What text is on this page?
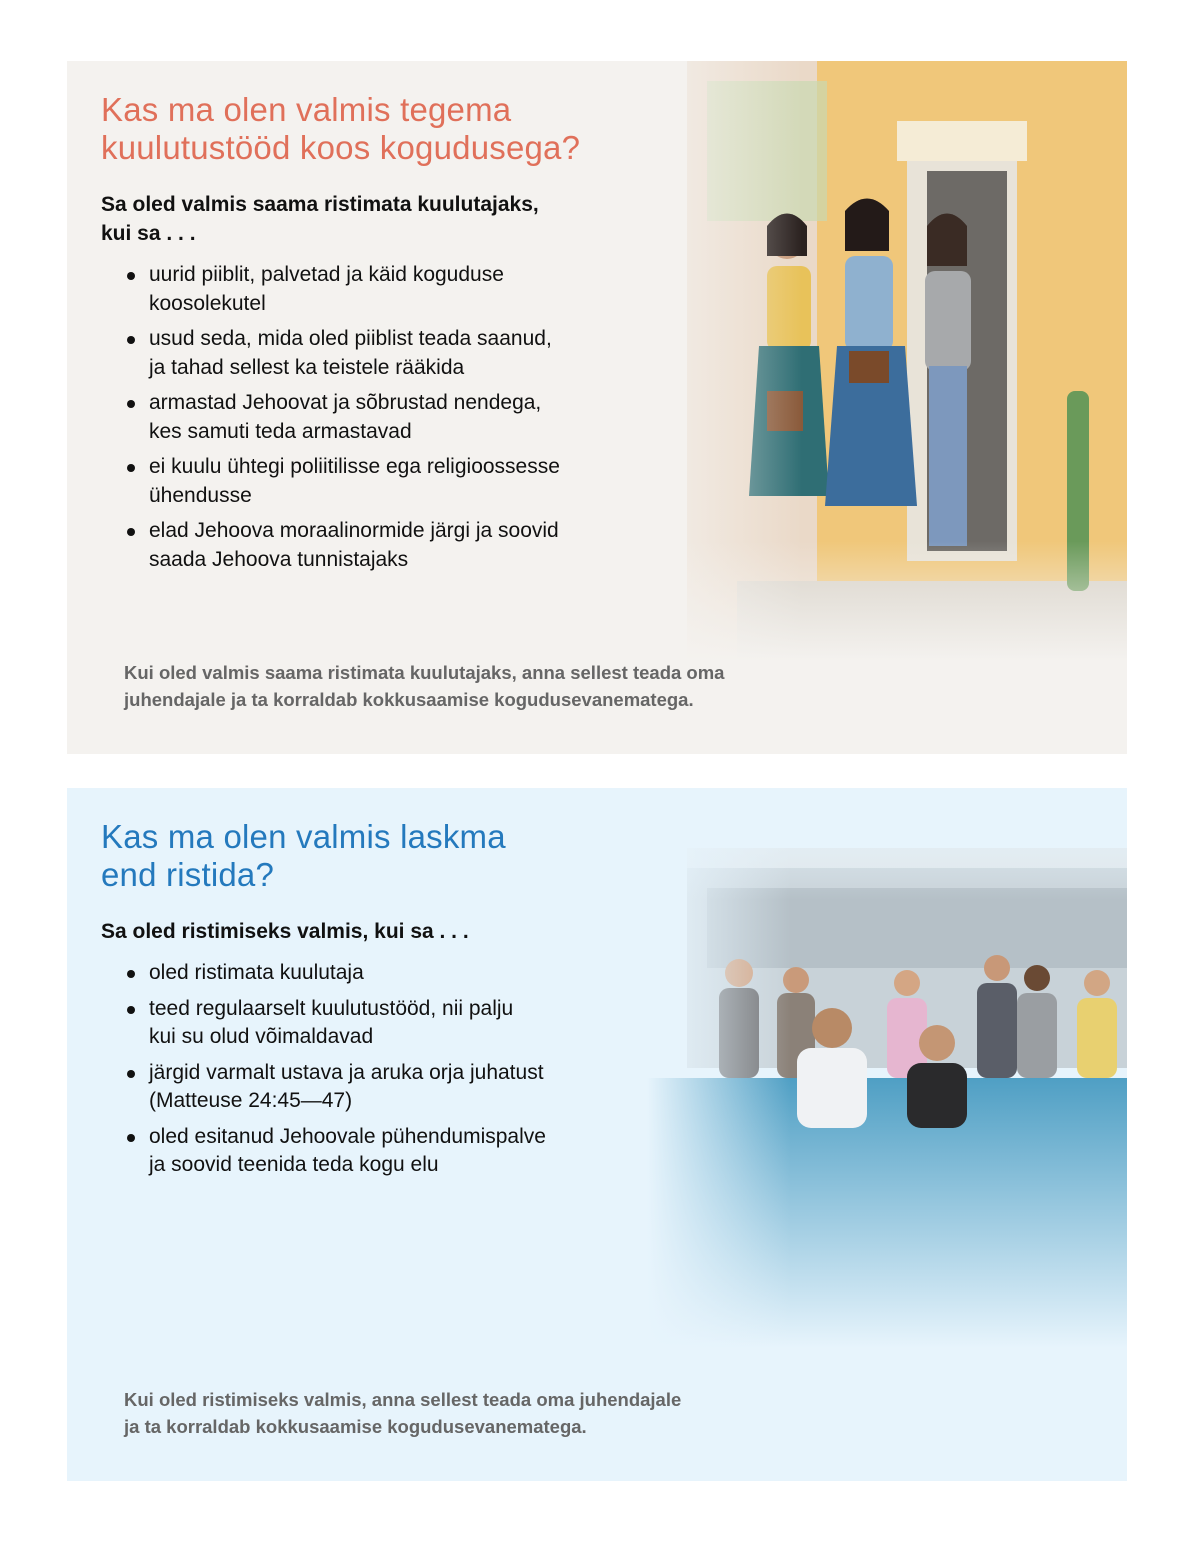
Kas ma olen valmis tegema
kuulutustööd koos kogudusega?

Sa oled valmis saama ristimata kuulutajaks,
kui sa . . .

uurid piiblit, palvetad ja käid koguduse
koosolekutel
usud seda, mida oled piiblist teada saanud,
ja tahad sellest ka teistele rääkida
armastad Jehoovat ja sõbrustad nendega,
kes samuti teda armastavad
ei kuulu ühtegi poliitilisse ega religioossesse
ühendusse
elad Jehoova moraalinormide järgi ja soovid
saada Jehoova tunnistajaks

Kui oled valmis saama ristimata kuulutajaks, anna sellest teada oma
juhendajale ja ta korraldab kokkusaamise kogudusevanematega.

Kas ma olen valmis laskma
end ristida?

Sa oled ristimiseks valmis, kui sa . . .

oled ristimata kuulutaja
teed regulaarselt kuulutustööd, nii palju
kui su olud võimaldavad
järgid varmalt ustava ja aruka orja juhatust
(Matteuse 24:45—47)
oled esitanud Jehoovale pühendumispalve
ja soovid teenida teda kogu elu

Kui oled ristimiseks valmis, anna sellest teada oma juhendajale
ja ta korraldab kokkusaamise kogudusevanematega.
